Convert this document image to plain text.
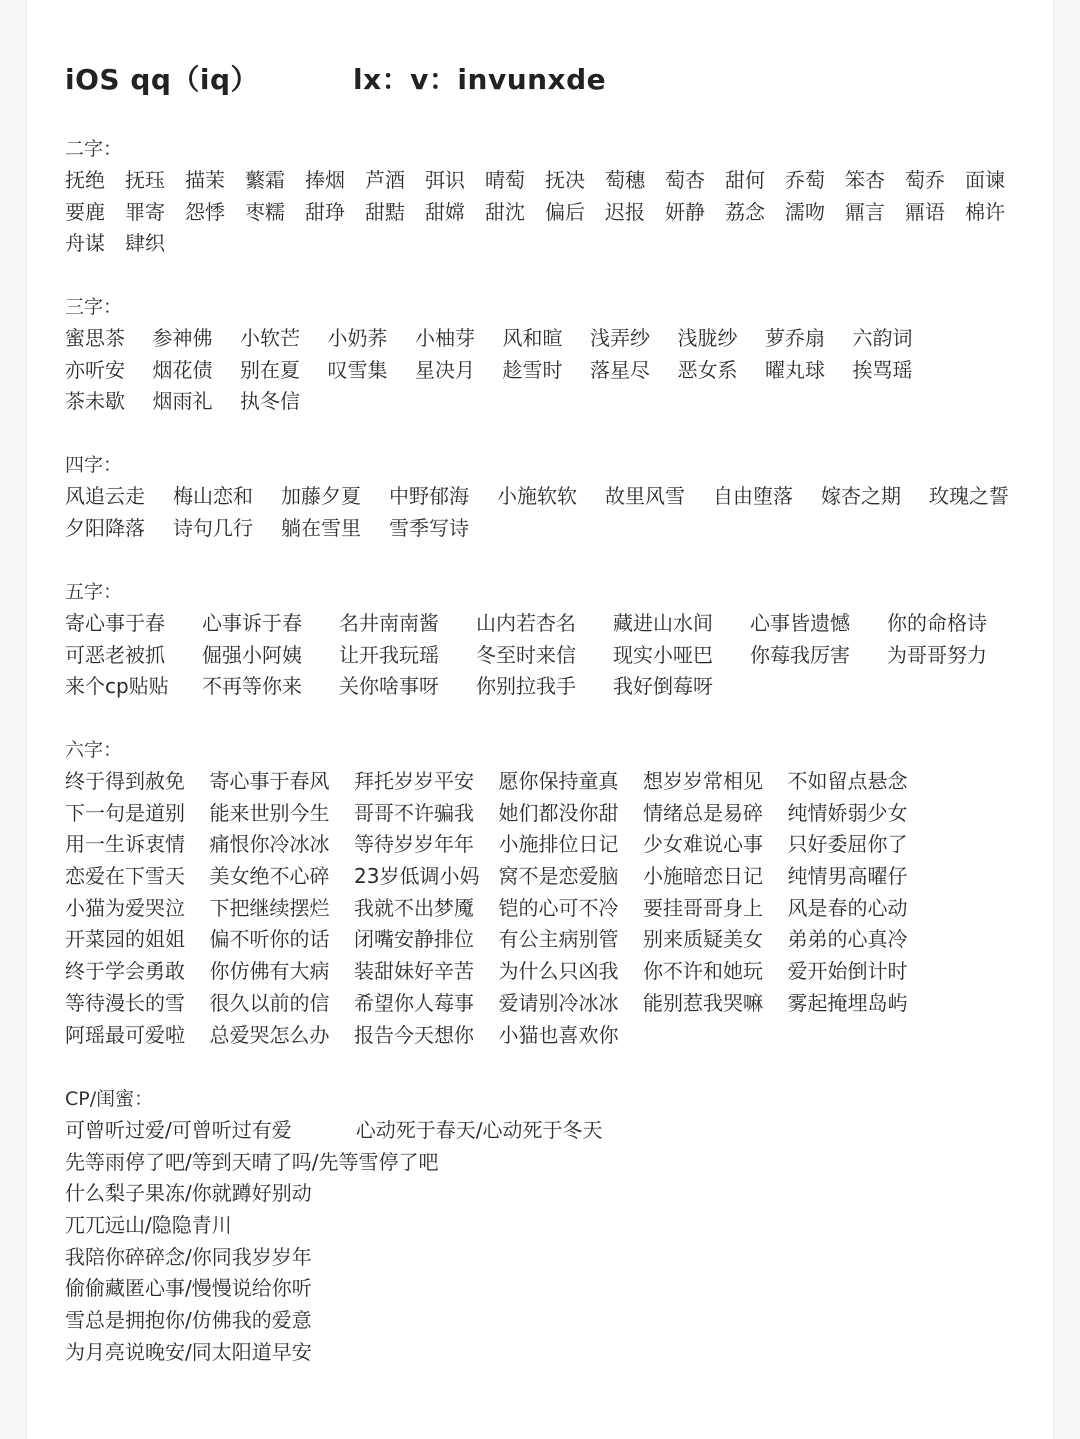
iOS qq（iq）	lx：v：invunxde
二字：
抚绝 抚珏 描茉 蘩霜 捧烟 芦酒 弭识 晴萄 抚决 萄穗 萄杏 甜何 乔萄 笨杏 萄乔 面谏
要鹿 罪寄 怨悸 枣糯 甜琤 甜黠 甜嫦 甜沈 偏后 迟报 妍静 荔念 濡吻 鼏言 鼏语 棉许
舟谋 肆织
三字：
蜜思茶 参神佛 小软芒 小奶荞 小柚芽 风和暄 浅弄纱 浅胧纱 萝乔扇 六韵词
亦听安 烟花债 别在夏 叹雪集 星决月 趁雪时 落星尽 恶女系 曜丸球 挨骂瑶
茶未歇 烟雨礼 执冬信
四字：
风追云走 梅山恋和 加藤夕夏 中野郁海 小施软软 故里风雪 自由堕落 嫁杏之期 玫瑰之誓
夕阳降落 诗句几行 躺在雪里 雪季写诗
五字：
寄心事于春 心事诉于春 名井南南酱 山内若杏名 藏进山水间 心事皆遗憾 你的命格诗
可恶老被抓 倔强小阿姨 让开我玩瑶 冬至时来信 现实小哑巴 你莓我厉害 为哥哥努力
来个cp贴贴 不再等你来 关你啥事呀 你别拉我手 我好倒莓呀
六字：
终于得到赦免 寄心事于春风 拜托岁岁平安 愿你保持童真 想岁岁常相见 不如留点悬念
下一句是道别 能来世别今生 哥哥不许骗我 她们都没你甜 情绪总是易碎 纯情娇弱少女
用一生诉衷情 痛恨你冷冰冰 等待岁岁年年 小施排位日记 少女难说心事 只好委屈你了
恋爱在下雪天 美女绝不心碎 23岁低调小妈 窝不是恋爱脑 小施暗恋日记 纯情男高曜仔
小猫为爱哭泣 下把继续摆烂 我就不出梦魇 铠的心可不冷 要挂哥哥身上 风是春的心动
开菜园的姐姐 偏不听你的话 闭嘴安静排位 有公主病别管 别来质疑美女 弟弟的心真冷
终于学会勇敢 你仿佛有大病 装甜妹好辛苦 为什么只凶我 你不许和她玩 爱开始倒计时
等待漫长的雪 很久以前的信 希望你人莓事 爱请别冷冰冰 能别惹我哭嘛 雾起掩埋岛屿
阿瑶最可爱啦 总爱哭怎么办 报告今天想你 小猫也喜欢你
CP/闺蜜：
可曾听过爱/可曾听过有爱	心动死于春天/心动死于冬天
先等雨停了吧/等到天晴了吗/先等雪停了吧
什么梨子果冻/你就蹲好别动
兀兀远山/隐隐青川
我陪你碎碎念/你同我岁岁年
偷偷藏匿心事/慢慢说给你听
雪总是拥抱你/仿佛我的爱意
为月亮说晚安/同太阳道早安
